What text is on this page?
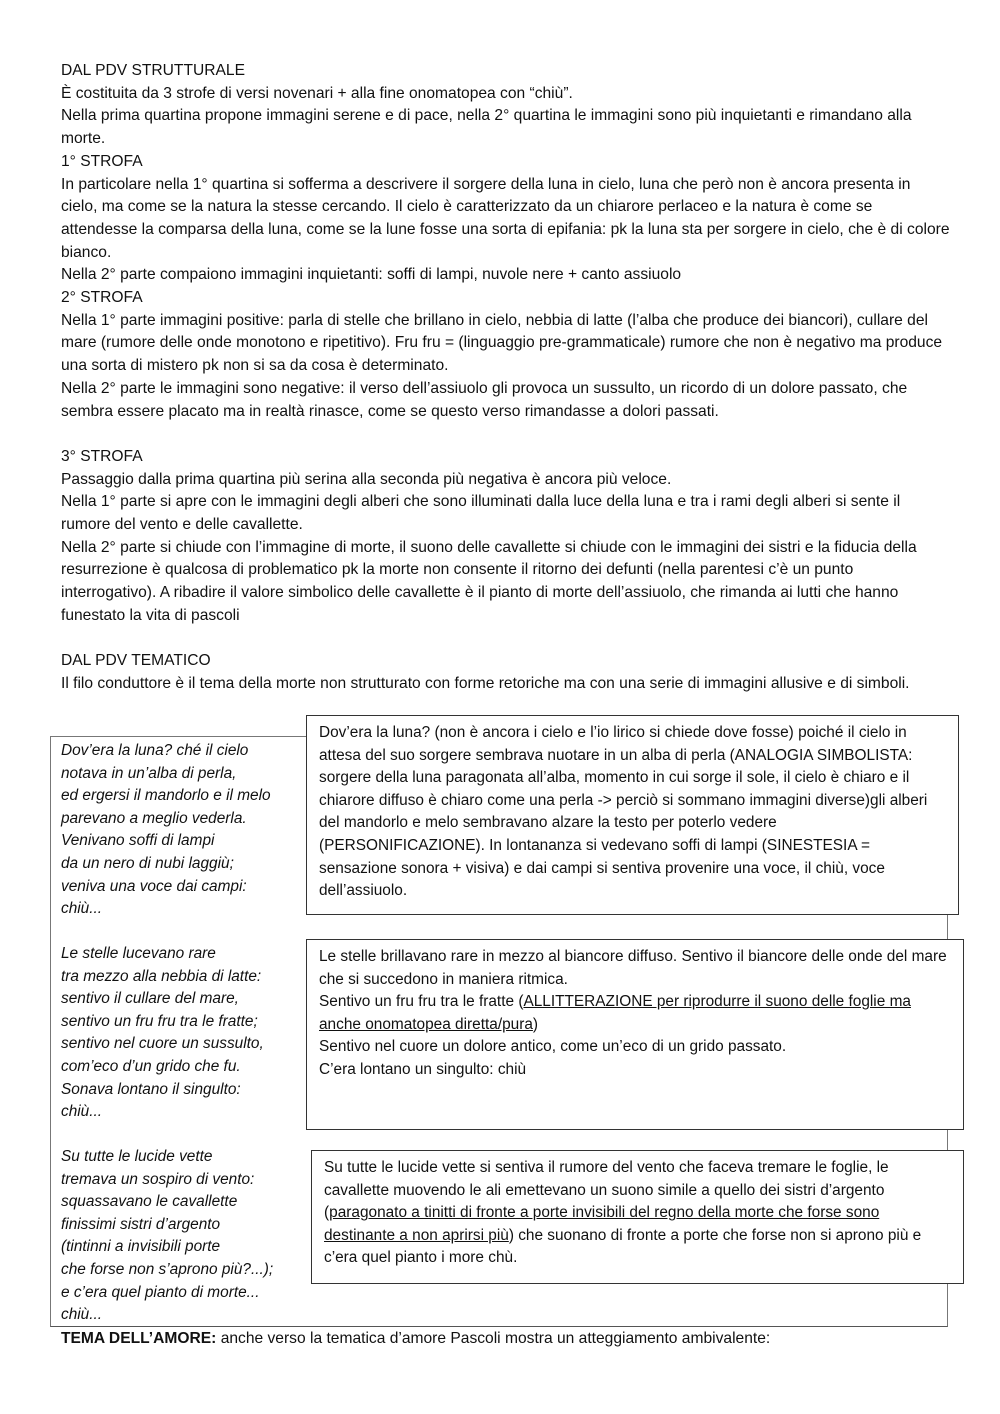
DAL PDV STRUTTURALE

È costituita da 3 strofe di versi novenari + alla fine onomatopea con “chiù”.

Nella prima quartina propone immagini serene e di pace, nella 2° quartina le immagini sono più inquietanti e rimandano alla morte.

1° STROFA

In particolare nella 1° quartina si sofferma a descrivere il sorgere della luna in cielo, luna che però non è ancora presenta in cielo, ma come se la natura la stesse cercando. Il cielo è caratterizzato da un chiarore perlaceo e la natura è come se attendesse la comparsa della luna, come se la lune fosse una sorta di epifania: pk la luna sta per sorgere in cielo, che è di colore bianco.

Nella 2° parte compaiono immagini inquietanti: soffi di lampi, nuvole nere + canto assiuolo

2° STROFA

Nella 1° parte immagini positive: parla di stelle che brillano in cielo, nebbia di latte (l’alba che produce dei biancori), cullare del mare (rumore delle onde monotono e ripetitivo). Fru fru = (linguaggio pre-grammaticale) rumore che non è negativo ma produce una sorta di mistero pk non si sa da cosa è determinato.

Nella 2° parte le immagini sono negative: il verso dell’assiuolo gli provoca un sussulto, un ricordo di un dolore passato, che sembra essere placato ma in realtà rinasce, come se questo verso rimandasse a dolori passati.

3° STROFA

Passaggio dalla prima quartina più serina alla seconda più negativa è ancora più veloce.

Nella 1° parte si apre con le immagini degli alberi che sono illuminati dalla luce della luna e tra i rami degli alberi si sente il rumore del vento e delle cavallette.

Nella 2° parte si chiude con l’immagine di morte, il suono delle cavallette si chiude con le immagini dei sistri e la fiducia della resurrezione è qualcosa di problematico pk la morte non consente il ritorno dei defunti (nella parentesi c’è un punto interrogativo). A ribadire il valore simbolico delle cavallette è il pianto di morte dell’assiuolo, che rimanda ai lutti che hanno funestato la vita di pascoli

DAL PDV TEMATICO

Il filo conduttore è il tema della morte non strutturato con forme retoriche ma con una serie di immagini allusive e di simboli.

Dov’era la luna? ché il cielo

notava in un’alba di perla,

ed ergersi il mandorlo e il melo

parevano a meglio vederla.

Venivano soffi di lampi

da un nero di nubi laggiù;

veniva una voce dai campi:

chiù...

Le stelle lucevano rare

tra mezzo alla nebbia di latte:

sentivo il cullare del mare,

sentivo un fru fru tra le fratte;

sentivo nel cuore un sussulto,

com’eco d’un grido che fu.

Sonava lontano il singulto:

chiù...

Su tutte le lucide vette

tremava un sospiro di vento:

squassavano le cavallette

finissimi sistri d’argento

(tintinni a invisibili porte

che forse non s’aprono più?...);

e c’era quel pianto di morte...

chiù...

Dov’era la luna? (non è ancora i cielo e l’io lirico si chiede dove fosse) poiché il cielo in attesa del suo sorgere sembrava nuotare in un alba di perla (ANALOGIA SIMBOLISTA: sorgere della luna paragonata all’alba, momento in cui sorge il sole, il cielo è chiaro e il chiarore diffuso è chiaro come una perla -> perciò si sommano immagini diverse)gli alberi del mandorlo e melo sembravano alzare la testo per poterlo vedere (PERSONIFICAZIONE). In lontananza si vedevano soffi di lampi (SINESTESIA = sensazione sonora + visiva) e dai campi si sentiva provenire una voce, il chiù, voce dell’assiuolo.

Le stelle brillavano rare in mezzo al biancore diffuso. Sentivo il biancore delle onde del mare che si succedono in maniera ritmica.

Sentivo un fru fru tra le fratte (ALLITTERAZIONE per riprodurre il suono delle foglie ma anche onomatopea diretta/pura)

Sentivo nel cuore un dolore antico, come un’eco di un grido passato.

C’era lontano un singulto: chiù

Su tutte le lucide vette si sentiva il rumore del vento che faceva tremare le foglie, le cavallette muovendo le ali emettevano un suono simile a quello dei sistri d’argento (paragonato a tinitti di fronte a porte invisibili del regno della morte che forse sono destinante a non aprirsi più) che suonano di fronte a porte che forse non si aprono più e c’era quel pianto i more chù.

TEMA DELL’AMORE: anche verso la tematica d’amore Pascoli mostra un atteggiamento ambivalente:
